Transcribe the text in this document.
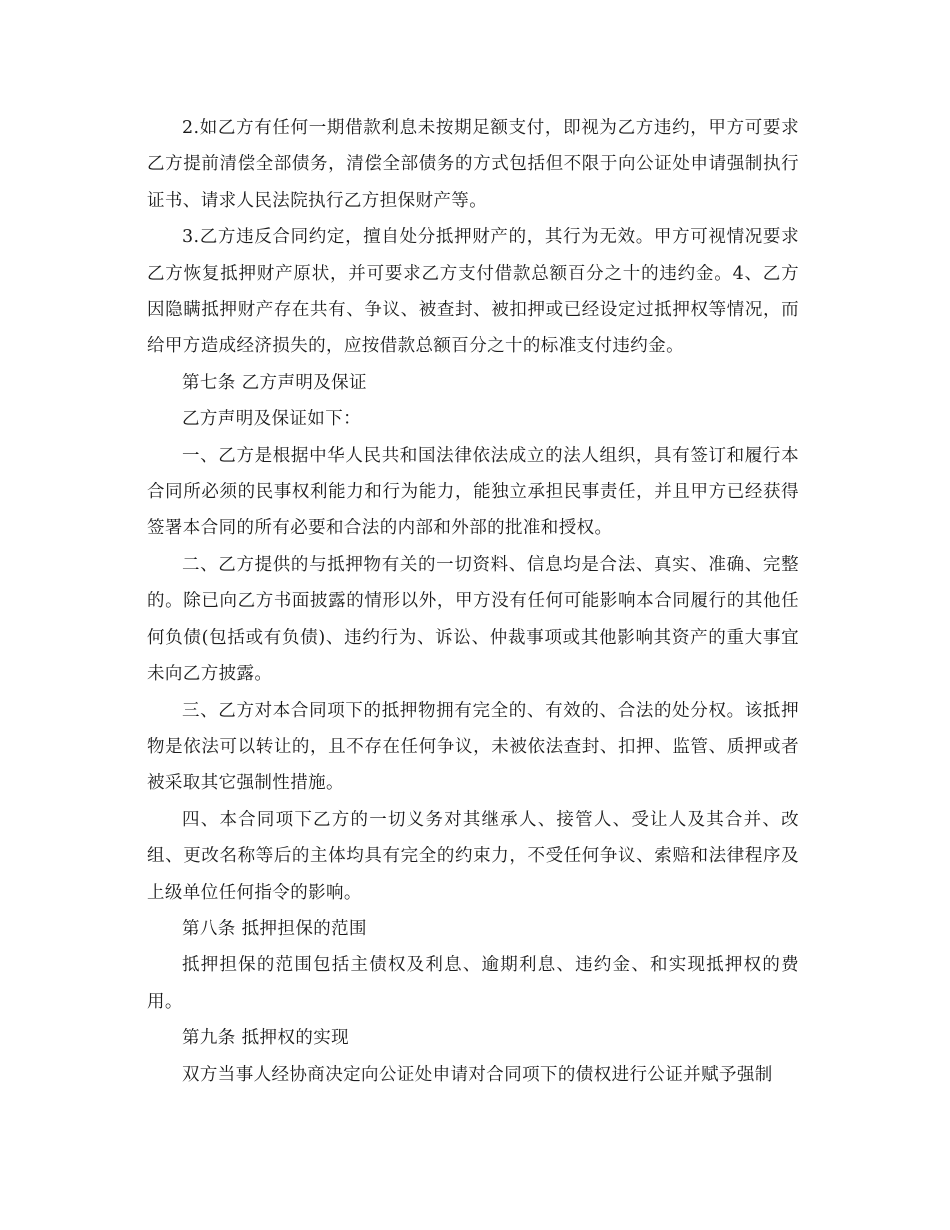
2.如乙方有任何一期借款利息未按期足额支付，即视为乙方违约，甲方可要求乙方提前清偿全部债务，清偿全部债务的方式包括但不限于向公证处申请强制执行证书、请求人民法院执行乙方担保财产等。

3.乙方违反合同约定，擅自处分抵押财产的，其行为无效。甲方可视情况要求乙方恢复抵押财产原状，并可要求乙方支付借款总额百分之十的违约金。4、乙方因隐瞒抵押财产存在共有、争议、被查封、被扣押或已经设定过抵押权等情况，而给甲方造成经济损失的，应按借款总额百分之十的标准支付违约金。

第七条 乙方声明及保证

乙方声明及保证如下：

一、乙方是根据中华人民共和国法律依法成立的法人组织，具有签订和履行本合同所必须的民事权利能力和行为能力，能独立承担民事责任，并且甲方已经获得签署本合同的所有必要和合法的内部和外部的批准和授权。

二、乙方提供的与抵押物有关的一切资料、信息均是合法、真实、准确、完整的。除已向乙方书面披露的情形以外，甲方没有任何可能影响本合同履行的其他任何负债(包括或有负债)、违约行为、诉讼、仲裁事项或其他影响其资产的重大事宜未向乙方披露。

三、乙方对本合同项下的抵押物拥有完全的、有效的、合法的处分权。该抵押物是依法可以转让的，且不存在任何争议，未被依法查封、扣押、监管、质押或者被采取其它强制性措施。

四、本合同项下乙方的一切义务对其继承人、接管人、受让人及其合并、改组、更改名称等后的主体均具有完全的约束力，不受任何争议、索赔和法律程序及上级单位任何指令的影响。

第八条 抵押担保的范围

抵押担保的范围包括主债权及利息、逾期利息、违约金、和实现抵押权的费用。

第九条 抵押权的实现

双方当事人经协商决定向公证处申请对合同项下的债权进行公证并赋予强制
